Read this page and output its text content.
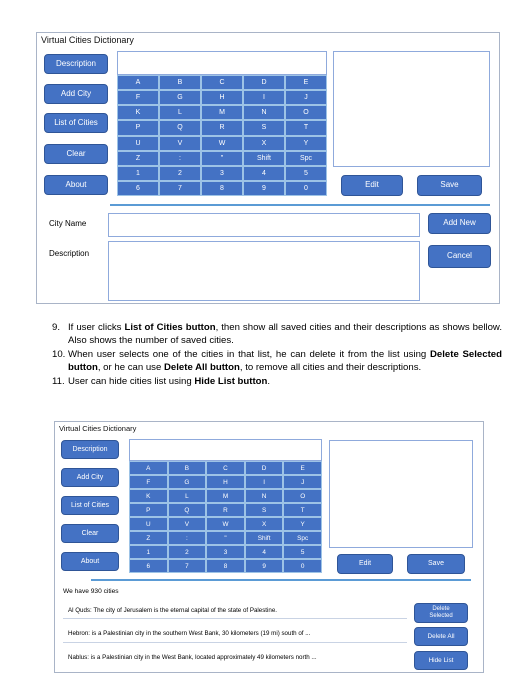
Virtual Cities Dictionary
Description
Add City
List of Cities
Clear
About
A	B	C	D	E
F	G	H	I	J
K	L	M	N	O
P	Q	R	S	T
U	V	W	X	Y
Z	:	"	Shift	Spc
1	2	3	4	5
6	7	8	9	0	Edit	Save
City Name	Add New
Description	Cancel
9. If user clicks List of Cities button, then show all saved cities and their descriptions as shows bellow. Also shows the number of saved cities.
10. When user selects one of the cities in that list, he can delete it from the list using Delete Selected button, or he can use Delete All button, to remove all cities and their descriptions.
11. User can hide cities list using Hide List button.
Virtual Cities Dictionary
Description
Add City
List of Cities
Clear
About
A	B	C	D	E
F	G	H	I	J
K	L	M	N	O
P	Q	R	S	T
U	V	W	X	Y
Z	:	"	Shift	Spc
1	2	3	4	5
6	7	8	9	0	Edit	Save
We have 930 cities
Al Quds: The city of Jerusalem is the eternal capital of the state of Palestine.
Hebron: is a Palestinian city in the southern West Bank, 30 kilometers (19 mi) south of ...
Nablus: is a Palestinian city in the West Bank, located approximately 49 kilometers north ...
Delete Selected
Delete All
Hide List
